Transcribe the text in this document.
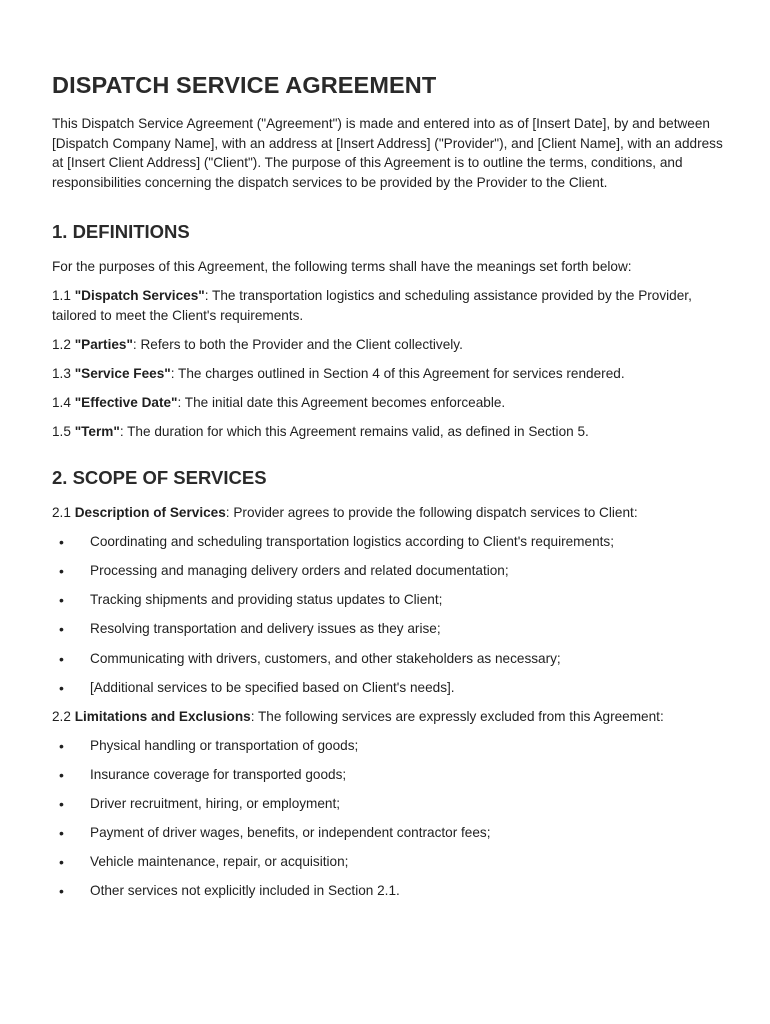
DISPATCH SERVICE AGREEMENT

This Dispatch Service Agreement ("Agreement") is made and entered into as of [Insert Date], by and between [Dispatch Company Name], with an address at [Insert Address] ("Provider"), and [Client Name], with an address at [Insert Client Address] ("Client"). The purpose of this Agreement is to outline the terms, conditions, and responsibilities concerning the dispatch services to be provided by the Provider to the Client.

1. DEFINITIONS

For the purposes of this Agreement, the following terms shall have the meanings set forth below:

1.1 "Dispatch Services": The transportation logistics and scheduling assistance provided by the Provider, tailored to meet the Client's requirements.

1.2 "Parties": Refers to both the Provider and the Client collectively.

1.3 "Service Fees": The charges outlined in Section 4 of this Agreement for services rendered.

1.4 "Effective Date": The initial date this Agreement becomes enforceable.

1.5 "Term": The duration for which this Agreement remains valid, as defined in Section 5.

2. SCOPE OF SERVICES

2.1 Description of Services: Provider agrees to provide the following dispatch services to Client:

• Coordinating and scheduling transportation logistics according to Client's requirements;
• Processing and managing delivery orders and related documentation;
• Tracking shipments and providing status updates to Client;
• Resolving transportation and delivery issues as they arise;
• Communicating with drivers, customers, and other stakeholders as necessary;
• [Additional services to be specified based on Client's needs].

2.2 Limitations and Exclusions: The following services are expressly excluded from this Agreement:

• Physical handling or transportation of goods;
• Insurance coverage for transported goods;
• Driver recruitment, hiring, or employment;
• Payment of driver wages, benefits, or independent contractor fees;
• Vehicle maintenance, repair, or acquisition;
• Other services not explicitly included in Section 2.1.
